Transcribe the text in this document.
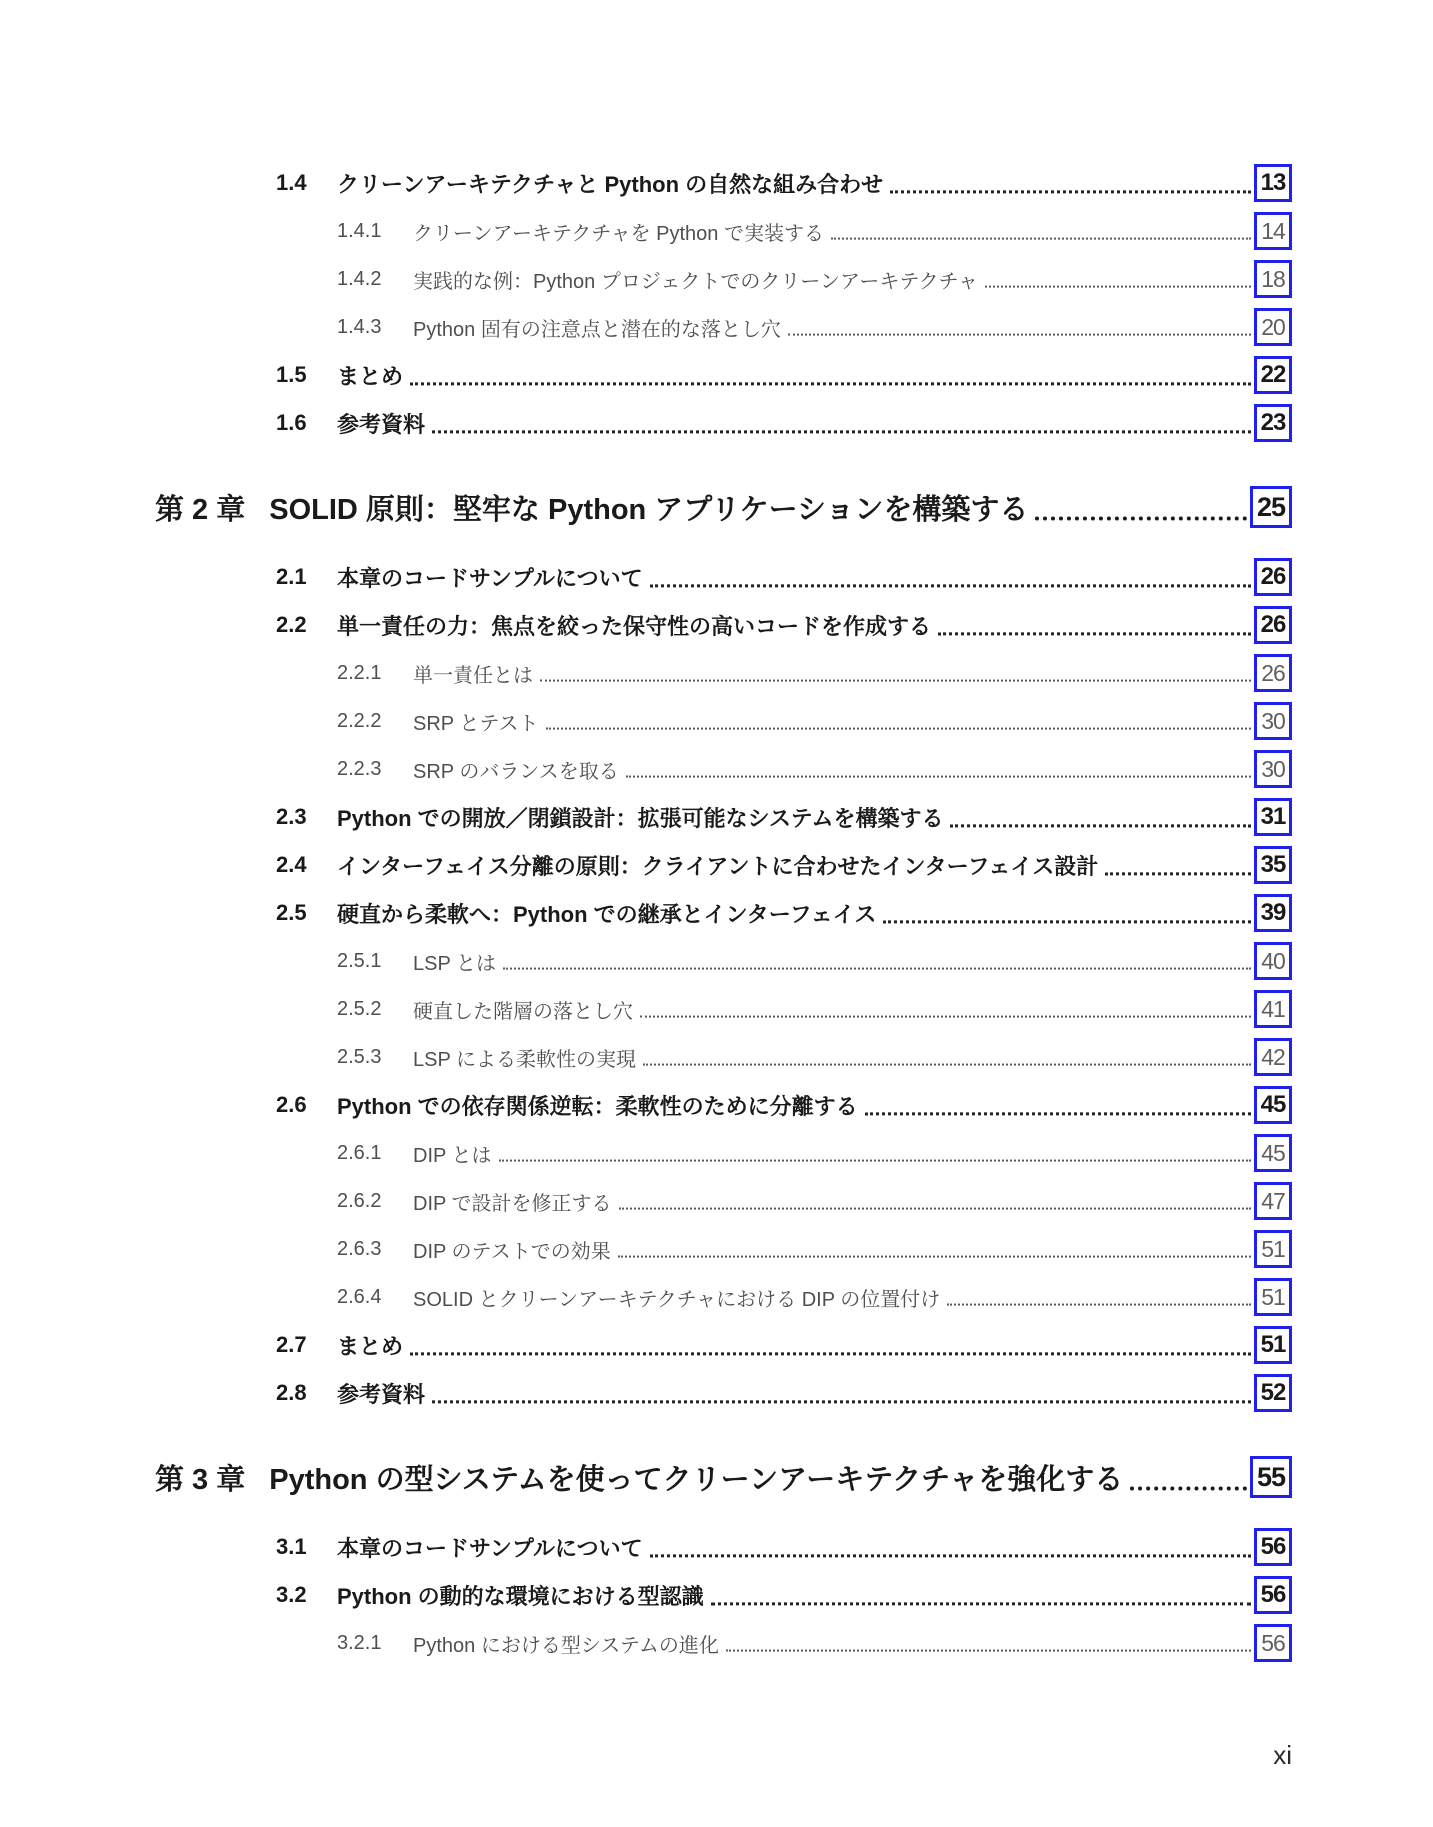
1.4	クリーンアーキテクチャと Python の自然な組み合わせ	13
1.4.1	クリーンアーキテクチャを Python で実装する	14
1.4.2	実践的な例：Python プロジェクトでのクリーンアーキテクチャ	18
1.4.3	Python 固有の注意点と潜在的な落とし穴	20
1.5	まとめ	22
1.6	参考資料	23
第 2 章 SOLID 原則：堅牢な Python アプリケーションを構築する	25
2.1	本章のコードサンプルについて	26
2.2	単一責任の力：焦点を絞った保守性の高いコードを作成する	26
2.2.1	単一責任とは	26
2.2.2	SRP とテスト	30
2.2.3	SRP のバランスを取る	30
2.3	Python での開放／閉鎖設計：拡張可能なシステムを構築する	31
2.4	インターフェイス分離の原則：クライアントに合わせたインターフェイス設計	35
2.5	硬直から柔軟へ：Python での継承とインターフェイス	39
2.5.1	LSP とは	40
2.5.2	硬直した階層の落とし穴	41
2.5.3	LSP による柔軟性の実現	42
2.6	Python での依存関係逆転：柔軟性のために分離する	45
2.6.1	DIP とは	45
2.6.2	DIP で設計を修正する	47
2.6.3	DIP のテストでの効果	51
2.6.4	SOLID とクリーンアーキテクチャにおける DIP の位置付け	51
2.7	まとめ	51
2.8	参考資料	52
第 3 章 Python の型システムを使ってクリーンアーキテクチャを強化する	55
3.1	本章のコードサンプルについて	56
3.2	Python の動的な環境における型認識	56
3.2.1	Python における型システムの進化	56
xi
